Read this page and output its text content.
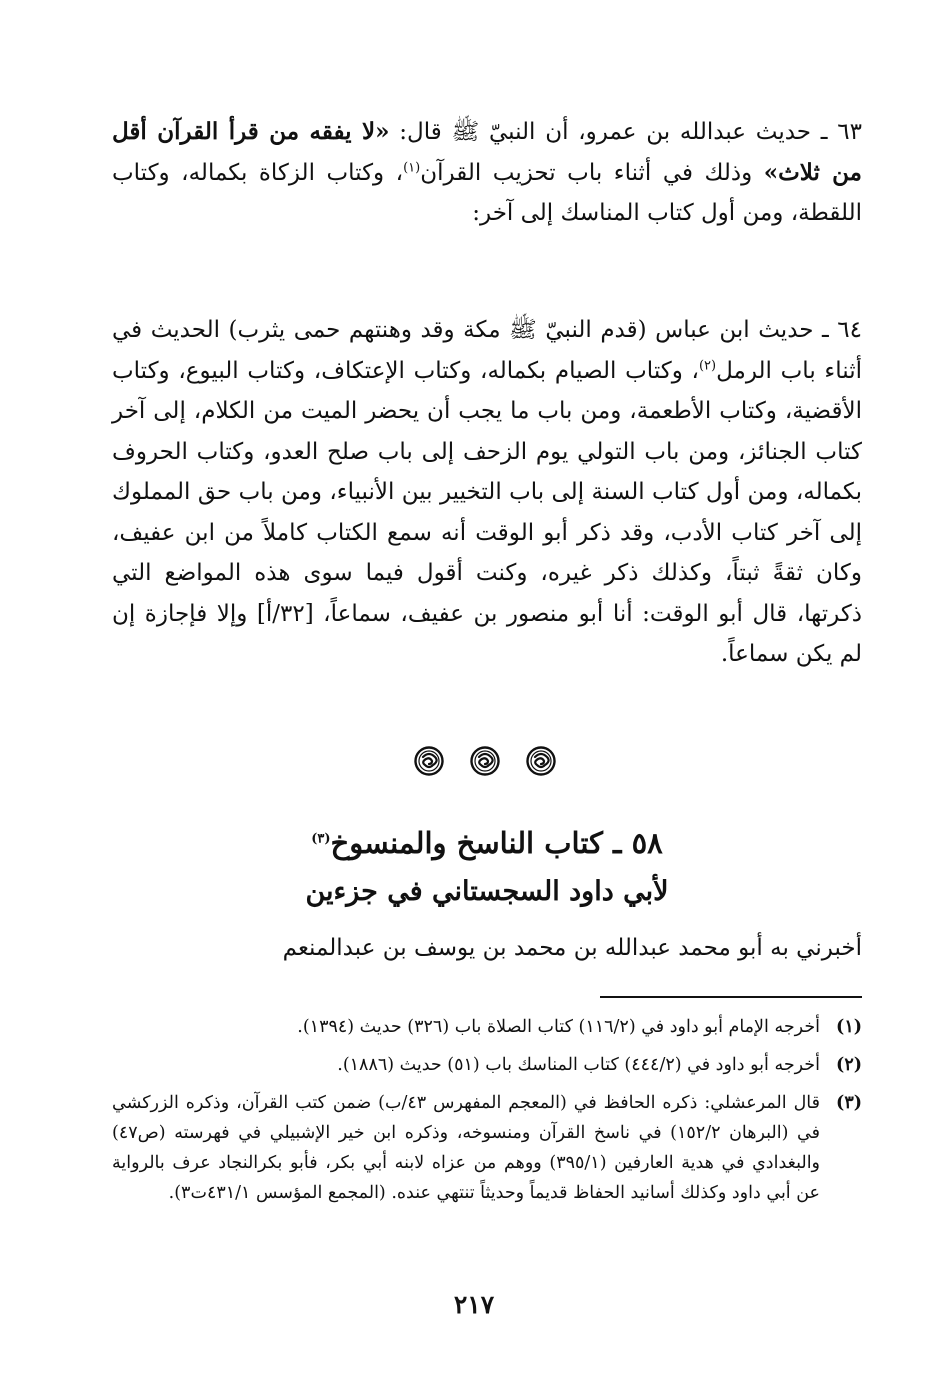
٦٣ ـ حديث عبدالله بن عمرو، أن النبيّ ﷺ قال: «لا يفقه من قرأ القرآن أقل من ثلاث» وذلك في أثناء باب تحزيب القرآن$^{(١)}$، وكتاب الزكاة بكماله، وكتاب اللقطة، ومن أول كتاب المناسك إلى آخر:

٦٤ ـ حديث ابن عباس (قدم النبيّ ﷺ مكة وقد وهنتهم حمى يثرب) الحديث في أثناء باب الرمل$^{(٢)}$، وكتاب الصيام بكماله، وكتاب الإعتكاف، وكتاب البيوع، وكتاب الأقضية، وكتاب الأطعمة، ومن باب ما يجب أن يحضر الميت من الكلام، إلى آخر كتاب الجنائز، ومن باب التولي يوم الزحف إلى باب صلح العدو، وكتاب الحروف بكماله، ومن أول كتاب السنة إلى باب التخيير بين الأنبياء، ومن باب حق المملوك إلى آخر كتاب الأدب، وقد ذكر أبو الوقت أنه سمع الكتاب كاملاً من ابن عفيف، وكان ثقةً ثبتاً، وكذلك ذكر غيره، وكنت أقول فيما سوى هذه المواضع التي ذكرتها، قال أبو الوقت: أنا أبو منصور بن عفيف، سماعاً، [٣٢/أ] وإلا فإجازة إن لم يكن سماعاً.

٥٨ ـ كتاب الناسخ والمنسوخ$^{(٣)}$
لأبي داود السجستاني في جزءين

أخبرني به أبو محمد عبدالله بن محمد بن يوسف بن عبدالمنعم

(١)
أخرجه الإمام أبو داود في (١١٦/٢) كتاب الصلاة باب (٣٢٦) حديث (١٣٩٤).
(٢)
أخرجه أبو داود في (٤٤٤/٢) كتاب المناسك باب (٥١) حديث (١٨٨٦).
(٣)
قال المرعشلي: ذكره الحافظ في (المعجم المفهرس ٤٣/ب) ضمن كتب القرآن، وذكره الزركشي في (البرهان ١٥٢/٢) في ناسخ القرآن ومنسوخه، وذكره ابن خير الإشبيلي في فهرسته (ص٤٧) والبغدادي في هدية العارفين (٣٩٥/١) ووهم من عزاه لابنه أبي بكر، فأبو بكرالنجاد عرف بالرواية عن أبي داود وكذلك أسانيد الحفاظ قديماً وحديثاً تنتهي عنده. (المجمع المؤسس ٤٣١/١ت٣).
٢١٧
